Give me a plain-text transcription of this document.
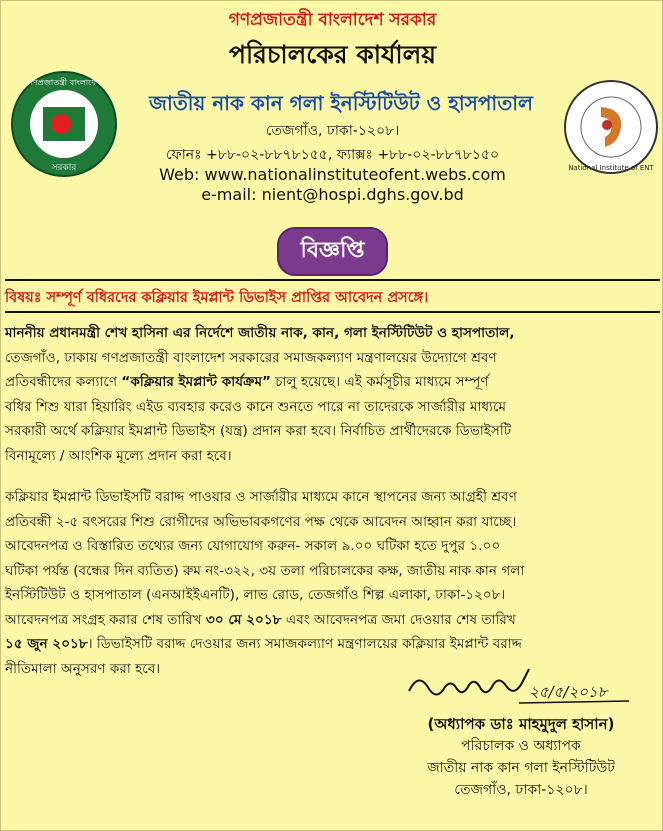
গণপ্রজাতন্ত্রী বাংলাদেশ
সরকার
গণপ্রজাতন্ত্রী বাংলাদেশ সরকার
পরিচালকের কার্যালয়
জাতীয় নাক কান গলা ইনস্টিটিউট ও হাসপাতাল
তেজগাঁও, ঢাকা-১২০৮।
ফোনঃ +৮৮-০২-৮৮৭৮১৫৫, ফ্যাক্সঃ +৮৮-০২-৮৮৭৮১৫০
Web: www.nationalinstituteofent.webs.com
e-mail: nient@hospi.dghs.gov.bd
National Institute of ENT
বিজ্ঞপ্তি
বিষয়ঃ সম্পূর্ণ বধিরদের কক্লিয়ার ইমপ্লান্ট ডিভাইস প্রাপ্তির আবেদন প্রসঙ্গে।
মাননীয় প্রধানমন্ত্রী শেখ হাসিনা এর নির্দেশে জাতীয় নাক, কান, গলা ইনস্টিটিউট ও হাসপাতাল,
তেজগাঁও, ঢাকায় গণপ্রজাতন্ত্রী বাংলাদেশ সরকারের সমাজকল্যাণ মন্ত্রণালয়ের উদ্যোগে শ্রবণ
প্রতিবন্ধীদের কল্যাণে “কক্লিয়ার ইমপ্লান্ট কার্যক্রম” চালু হয়েছে। এই কর্মসূচীর মাধ্যমে সম্পূর্ণ
বধির শিশু যারা হিয়ারিং এইড ব্যবহার করেও কানে শুনতে পারে না তাদেরকে সার্জারীর মাধ্যমে
সরকারী অর্থে কক্লিয়ার ইমপ্লান্ট ডিভাইস (যন্ত্র) প্রদান করা হবে। নির্বাচিত প্রার্থীদেরকে ডিভাইসটি
বিনামূল্যে / আংশিক মূল্যে প্রদান করা হবে।
কক্লিয়ার ইমপ্লান্ট ডিভাইসটি বরাদ্দ পাওয়ার ও সার্জারীর মাধ্যমে কানে স্থাপনের জন্য আগ্রহী শ্রবণ
প্রতিবন্ধী ২-৫ বৎসরের শিশু রোগীদের অভিভাবকগণের পক্ষ থেকে আবেদন আহ্বান করা যাচ্ছে।
আবেদনপত্র ও বিস্তারিত তথ্যের জন্য যোগাযোগ করুন- সকাল ৯.০০ ঘটিকা হতে দুপুর ১.০০
ঘটিকা পর্যন্ত (বন্ধের দিন ব্যতিত) রুম নং-৩২২, ৩য় তলা পরিচালকের কক্ষ, জাতীয় নাক কান গলা
ইনস্টিটিউট ও হাসপাতাল (এনআইইএনটি), লাভ রোড, তেজগাঁও শিল্প এলাকা, ঢাকা-১২০৮।
আবেদনপত্র সংগ্রহ করার শেষ তারিখ ৩০ মে ২০১৮ এবং আবেদনপত্র জমা দেওয়ার শেষ তারিখ
১৫ জুন ২০১৮। ডিভাইসটি বরাদ্দ দেওয়ার জন্য সমাজকল্যাণ মন্ত্রণালয়ের কক্লিয়ার ইমপ্লান্ট বরাদ্দ
নীতিমালা অনুসরণ করা হবে।
২৫/৫/২০১৮
(অধ্যাপক ডাঃ মাহমুদুল হাসান)
পরিচালক ও অধ্যাপক
জাতীয় নাক কান গলা ইনস্টিটিউট
তেজগাঁও, ঢাকা-১২০৮।
